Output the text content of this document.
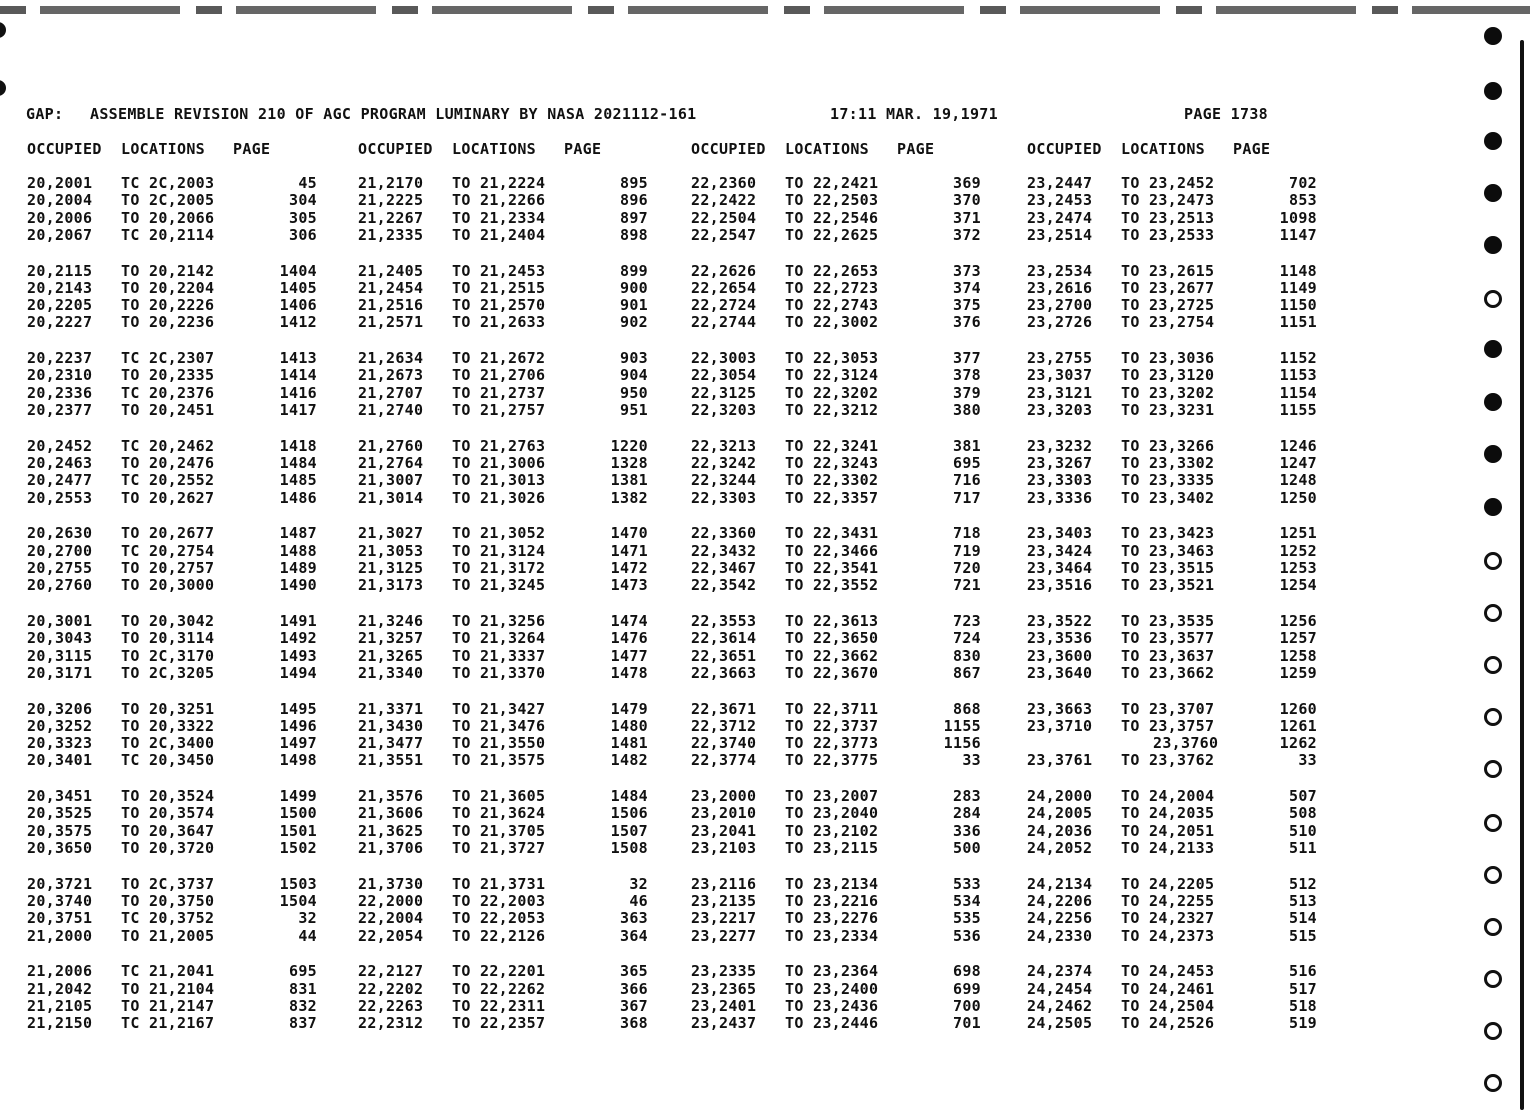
GAP:

ASSEMBLE REVISION 210 OF AGC PROGRAM LUMINARY BY NASA 2021112-161

	17:11 MAR. 19,1971

	PAGE 1738

OCCUPIED LOCATIONS PAGE	OCCUPIED LOCATIONS PAGE	OCCUPIED LOCATIONS PAGE	OCCUPIED LOCATIONS PAGE
20,2001 TC 2C,2003	45
20,2004 TO 2C,2005	304
20,2006 TO 20,2066	305
20,2067 TC 20,2114	306
20,2115 TO 20,2142	1404
20,2143 TO 20,2204	1405
20,2205 TO 20,2226	1406
20,2227 TO 20,2236	1412
20,2237 TC 2C,2307	1413
20,2310 TO 20,2335	1414
20,2336 TC 20,2376	1416
20,2377 TO 20,2451	1417
20,2452 TC 20,2462	1418
20,2463 TO 20,2476	1484
20,2477 TC 20,2552	1485
20,2553 TO 20,2627	1486
20,2630 TO 20,2677	1487
20,2700 TC 20,2754	1488
20,2755 TO 20,2757	1489
20,2760 TO 20,3000	1490
20,3001 TO 20,3042	1491
20,3043 TO 20,3114	1492
20,3115 TO 2C,3170	1493
20,3171 TO 2C,3205	1494
20,3206 TO 20,3251	1495
20,3252 TO 20,3322	1496
20,3323 TO 2C,3400	1497
20,3401 TC 20,3450	1498
20,3451 TO 20,3524	1499
20,3525 TO 20,3574	1500
20,3575 TO 20,3647	1501
20,3650 TO 20,3720	1502
20,3721 TO 2C,3737	1503
20,3740 TO 20,3750	1504
20,3751 TC 20,3752	32
21,2000 TO 21,2005	44
21,2006 TC 21,2041	695
21,2042 TO 21,2104	831
21,2105 TO 21,2147	832
21,2150 TC 21,2167	837
21,2170 TO 21,2224	895
21,2225 TO 21,2266	896
21,2267 TO 21,2334	897
21,2335 TO 21,2404	898
21,2405 TO 21,2453	899
21,2454 TO 21,2515	900
21,2516 TO 21,2570	901
21,2571 TO 21,2633	902
21,2634 TO 21,2672	903
21,2673 TO 21,2706	904
21,2707 TO 21,2737	950
21,2740 TO 21,2757	951
21,2760 TO 21,2763	1220
21,2764 TO 21,3006	1328
21,3007 TO 21,3013	1381
21,3014 TO 21,3026	1382
21,3027 TO 21,3052	1470
21,3053 TO 21,3124	1471
21,3125 TO 21,3172	1472
21,3173 TO 21,3245	1473
21,3246 TO 21,3256	1474
21,3257 TO 21,3264	1476
21,3265 TO 21,3337	1477
21,3340 TO 21,3370	1478
21,3371 TO 21,3427	1479
21,3430 TO 21,3476	1480
21,3477 TO 21,3550	1481
21,3551 TO 21,3575	1482
21,3576 TO 21,3605	1484
21,3606 TO 21,3624	1506
21,3625 TO 21,3705	1507
21,3706 TO 21,3727	1508
21,3730 TO 21,3731	32
22,2000 TO 22,2003	46
22,2004 TO 22,2053	363
22,2054 TO 22,2126	364
22,2127 TO 22,2201	365
22,2202 TO 22,2262	366
22,2263 TO 22,2311	367
22,2312 TO 22,2357	368
22,2360 TO 22,2421	369
22,2422 TO 22,2503	370
22,2504 TO 22,2546	371
22,2547 TO 22,2625	372
22,2626 TO 22,2653	373
22,2654 TO 22,2723	374
22,2724 TO 22,2743	375
22,2744 TO 22,3002	376
22,3003 TO 22,3053	377
22,3054 TO 22,3124	378
22,3125 TO 22,3202	379
22,3203 TO 22,3212	380
22,3213 TO 22,3241	381
22,3242 TO 22,3243	695
22,3244 TO 22,3302	716
22,3303 TO 22,3357	717
22,3360 TO 22,3431	718
22,3432 TO 22,3466	719
22,3467 TO 22,3541	720
22,3542 TO 22,3552	721
22,3553 TO 22,3613	723
22,3614 TO 22,3650	724
22,3651 TO 22,3662	830
22,3663 TO 22,3670	867
22,3671 TO 22,3711	868
22,3712 TO 22,3737	1155
22,3740 TO 22,3773	1156
22,3774 TO 22,3775	33
23,2000 TO 23,2007	283
23,2010 TO 23,2040	284
23,2041 TO 23,2102	336
23,2103 TO 23,2115	500
23,2116 TO 23,2134	533
23,2135 TO 23,2216	534
23,2217 TO 23,2276	535
23,2277 TO 23,2334	536
23,2335 TO 23,2364	698
23,2365 TO 23,2400	699
23,2401 TO 23,2436	700
23,2437 TO 23,2446	701
23,2447 TO 23,2452	702
23,2453 TO 23,2473	853
23,2474 TO 23,2513	1098
23,2514 TO 23,2533	1147
23,2534 TO 23,2615	1148
23,2616 TO 23,2677	1149
23,2700 TO 23,2725	1150
23,2726 TO 23,2754	1151
23,2755 TO 23,3036	1152
23,3037 TO 23,3120	1153
23,3121 TO 23,3202	1154
23,3203 TO 23,3231	1155
23,3232 TO 23,3266	1246
23,3267 TO 23,3302	1247
23,3303 TO 23,3335	1248
23,3336 TO 23,3402	1250
23,3403 TO 23,3423	1251
23,3424 TO 23,3463	1252
23,3464 TO 23,3515	1253
23,3516 TO 23,3521	1254
23,3522 TO 23,3535	1256
23,3536 TO 23,3577	1257
23,3600 TO 23,3637	1258
23,3640 TO 23,3662	1259
23,3663 TO 23,3707	1260
23,3710 TO 23,3757	1261
23,3760	1262
23,3761 TO 23,3762	33
24,2000 TO 24,2004	507
24,2005 TO 24,2035	508
24,2036 TO 24,2051	510
24,2052 TO 24,2133	511
24,2134 TO 24,2205	512
24,2206 TO 24,2255	513
24,2256 TO 24,2327	514
24,2330 TO 24,2373	515
24,2374 TO 24,2453	516
24,2454 TO 24,2461	517
24,2462 TO 24,2504	518
24,2505 TO 24,2526	519
